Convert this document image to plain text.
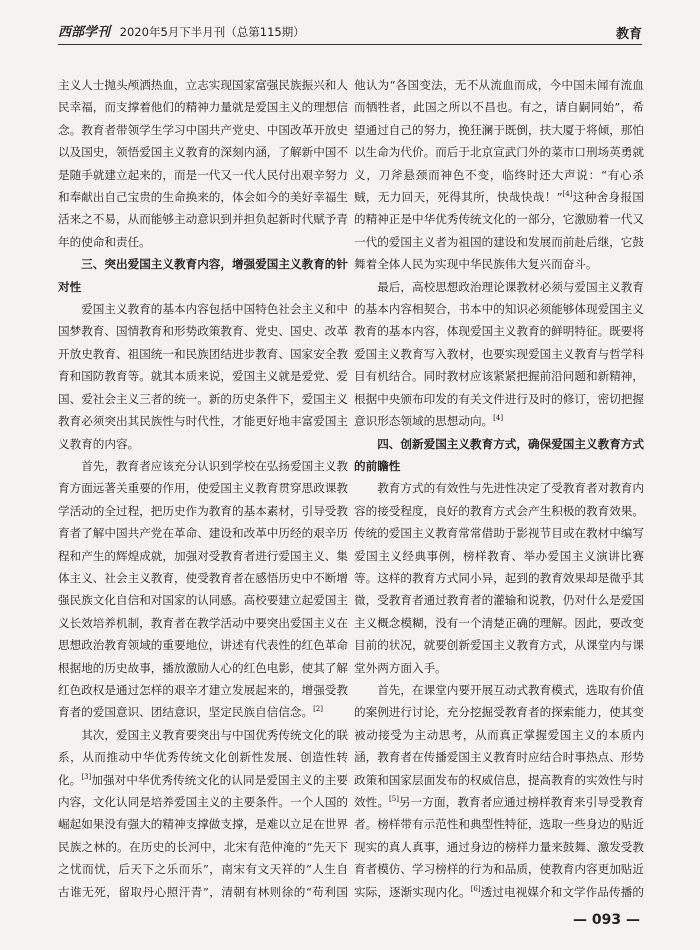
西部学刊 2020年5月下半月刊（总第115期）	教育

主义人士抛头颅洒热血，立志实现国家富强民族振兴和人民幸福，而支撑着他们的精神力量就是爱国主义的理想信念。教育者带领学生学习中国共产党史、中国改革开放史以及国史，领悟爱国主义教育的深刻内涵，了解新中国不是随手就建立起来的，而是一代又一代人民付出艰辛努力和奉献出自己宝贵的生命换来的，体会如今的美好幸福生活来之不易，从而能够主动意识到并担负起新时代赋予青年的使命和责任。

三、突出爱国主义教育内容，增强爱国主义教育的针对性

爱国主义教育的基本内容包括中国特色社会主义和中国梦教育、国情教育和形势政策教育、党史、国史、改革开放史教育、祖国统一和民族团结进步教育、国家安全教育和国防教育等。就其本质来说，爱国主义就是爱党、爱国、爱社会主义三者的统一。新的历史条件下，爱国主义教育必须突出其民族性与时代性，才能更好地丰富爱国主义教育的内容。

首先，教育者应该充分认识到学校在弘扬爱国主义教育方面远著关重要的作用，使爱国主义教育贯穿思政课教学活动的全过程，把历史作为教育的基本素材，引导受教育者了解中国共产党在革命、建设和改革中历经的艰辛历程和产生的辉煌成就，加强对受教育者进行爱国主义、集体主义、社会主义教育，使受教育者在感悟历史中不断增强民族文化自信和对国家的认同感。高校要建立起爱国主义长效培养机制，教育者在教学活动中要突出爱国主义在思想政治教育领域的重要地位，讲述有代表性的红色革命根据地的历史故事，播放激励人心的红色电影，使其了解红色政权是通过怎样的艰辛才建立发展起来的，增强受教育者的爱国意识、团结意识，坚定民族自信信念。[2]

其次，爱国主义教育要突出与中国优秀传统文化的联系，从而推动中华优秀传统文化创新性发展、创造性转化。[3]加强对中华优秀传统文化的认同是爱国主义的主要内容，文化认同是培养爱国主义的主要条件。一个人国的崛起如果没有强大的精神支撑做支撑，是难以立足在世界民族之林的。在历史的长河中，北宋有范仲淹的“先天下之忧而忧，后天下之乐而乐”，南宋有文天祥的“人生自古谁无死，留取丹心照汗青”，清朝有林则徐的“苟利国

他认为“各国变法，无不从流血而成，今中国未闻有流血而牺牲者，此国之所以不昌也。有之，请自嗣同始”，希望通过自己的努力，挽狂澜于既倒，扶大厦于将倾，那怕以生命为代价。而后于北京宣武门外的菜市口刑场英勇就义，刀斧悬颈而神色不变，临终时还大声说：“有心杀贼，无力回天，死得其所，快哉快哉！”[4]这种舍身报国的精神正是中华优秀传统文化的一部分，它激励着一代又一代的爱国主义者为祖国的建设和发展而前赴后继，它鼓舞着全体人民为实现中华民族伟大复兴而奋斗。

最后，高校思想政治理论课教材必须与爱国主义教育的基本内容相契合，书本中的知识必须能够体现爱国主义教育的基本内容，体现爱国主义教育的鲜明特征。既要将爱国主义教育写入教材，也要实现爱国主义教育与哲学科目有机结合。同时教材应该紧紧把握前沿问题和新精神，根据中央颁布印发的有关文件进行及时的修订，密切把握意识形态领域的思想动向。[4]

四、创新爱国主义教育方式，确保爱国主义教育方式的前瞻性

教育方式的有效性与先进性决定了受教育者对教育内容的接受程度，良好的教育方式会产生积极的教育效果。传统的爱国主义教育常常借助于影视节目或在教材中编写爱国主义经典事例，榜样教育、举办爱国主义演讲比赛等。这样的教育方式同小异，起到的教育效果却是微乎其微，受教育者通过教育者的灌输和说教，仍对什么是爱国主义概念模糊，没有一个清楚正确的理解。因此，要改变目前的状况，就要创新爱国主义教育方式，从课堂内与课堂外两方面入手。

首先，在课堂内要开展互动式教育模式，选取有价值的案例进行讨论，充分挖掘受教育者的探索能力，使其变被动接受为主动思考，从而真正掌握爱国主义的本质内涵，教育者在传播爱国主义教育时应结合时事热点、形势政策和国家层面发布的权威信息，提高教育的实效性与时效性。[5]另一方面，教育者应通过榜样教育来引导受教育者。榜样带有示范性和典型性特征，选取一些身边的贴近现实的真人真事，通过身边的榜样力量来鼓舞、激发受教育者模仿、学习榜样的行为和品质，使教育内容更加贴近实际，逐渐实现内化。[6]透过电视媒介和文学作品传播的

— 093 —
